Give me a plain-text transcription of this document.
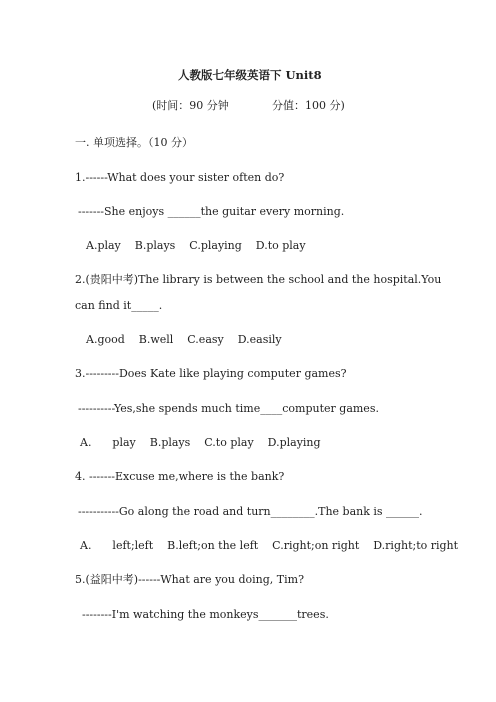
人教版七年级英语下 Unit8
(时间：90 分钟	分值：100 分)
一. 单项选择。（10 分）
1.------What does your sister often do?
-------She enjoys ______the guitar every morning.
A.play    B.plays    C.playing    D.to play
2.(贵阳中考)The library is between the school and the hospital.You
can find it_____.
A.good    B.well    C.easy    D.easily
3.---------Does Kate like playing computer games?
----------Yes,she spends much time____computer games.
A.      play    B.plays    C.to play    D.playing
4. -------Excuse me,where is the bank?
-----------Go along the road and turn________.The bank is ______.
A.      left;left    B.left;on the left    C.right;on right    D.right;to right
5.(益阳中考)------What are you doing, Tim?
--------I'm watching the monkeys_______trees.
